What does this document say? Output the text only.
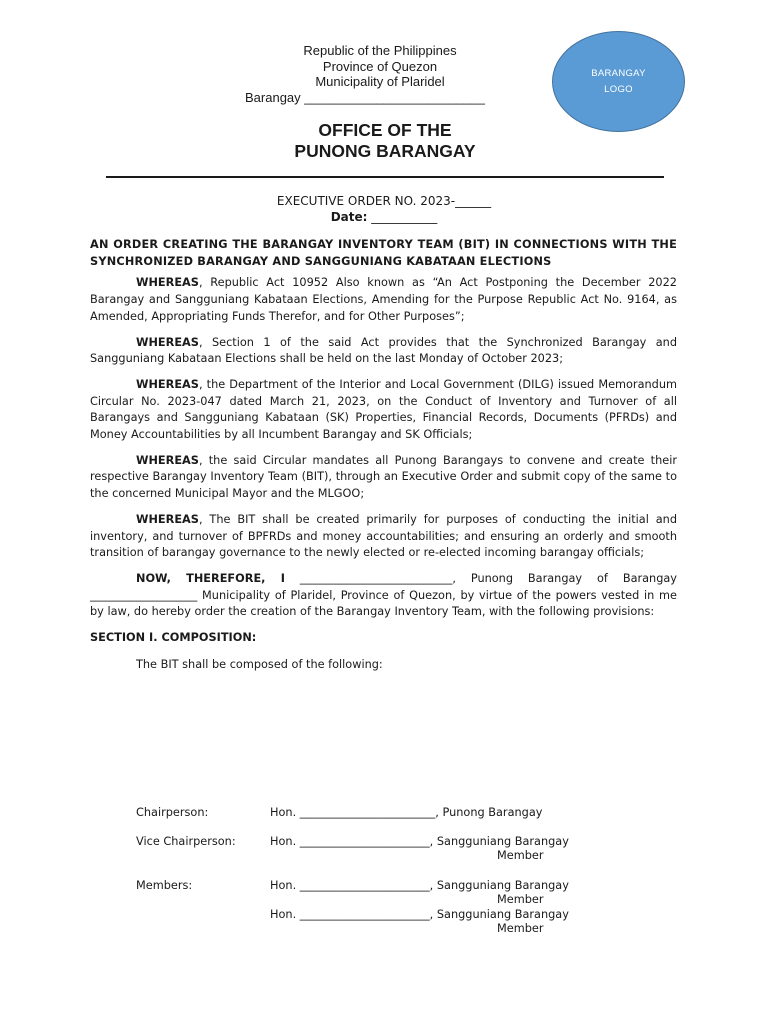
Republic of the Philippines
Province of Quezon
Municipality of Plaridel
Barangay _________________________
BARANGAY
LOGO
OFFICE OF THE
PUNONG BARANGAY
EXECUTIVE ORDER NO. 2023-______
Date: ___________

AN ORDER CREATING THE BARANGAY INVENTORY TEAM (BIT) IN CONNECTIONS WITH THE SYNCHRONIZED BARANGAY AND SANGGUNIANG KABATAAN ELECTIONS

WHEREAS, Republic Act 10952 Also known as “An Act Postponing the December 2022 Barangay and Sangguniang Kabataan Elections, Amending for the Purpose Republic Act No. 9164, as Amended, Appropriating Funds Therefor, and for Other Purposes”;

WHEREAS, Section 1 of the said Act provides that the Synchronized Barangay and Sangguniang Kabataan Elections shall be held on the last Monday of October 2023;

WHEREAS, the Department of the Interior and Local Government (DILG) issued Memorandum Circular No. 2023-047 dated March 21, 2023, on the Conduct of Inventory and Turnover of all Barangays and Sangguniang Kabataan (SK) Properties, Financial Records, Documents (PFRDs) and Money Accountabilities by all Incumbent Barangay and SK Officials;

WHEREAS, the said Circular mandates all Punong Barangays to convene and create their respective Barangay Inventory Team (BIT), through an Executive Order and submit copy of the same to the concerned Municipal Mayor and the MLGOO;

WHEREAS, The BIT shall be created primarily for purposes of conducting the initial and inventory, and turnover of BPFRDs and money accountabilities; and ensuring an orderly and smooth transition of barangay governance to the newly elected or re-elected incoming barangay officials;

NOW, THEREFORE, I ___________________________, Punong Barangay of Barangay ___________________ Municipality of Plaridel, Province of Quezon, by virtue of the powers vested in me by law, do hereby order the creation of the Barangay Inventory Team, with the following provisions:

SECTION I. COMPOSITION:

The BIT shall be composed of the following:

Chairperson:	Hon. ________________________, Punong Barangay
Vice Chairperson:	Hon. _______________________, Sangguniang Barangay
Member
Members:	Hon. _______________________, Sangguniang Barangay
Member
Hon. _______________________, Sangguniang Barangay
Member
